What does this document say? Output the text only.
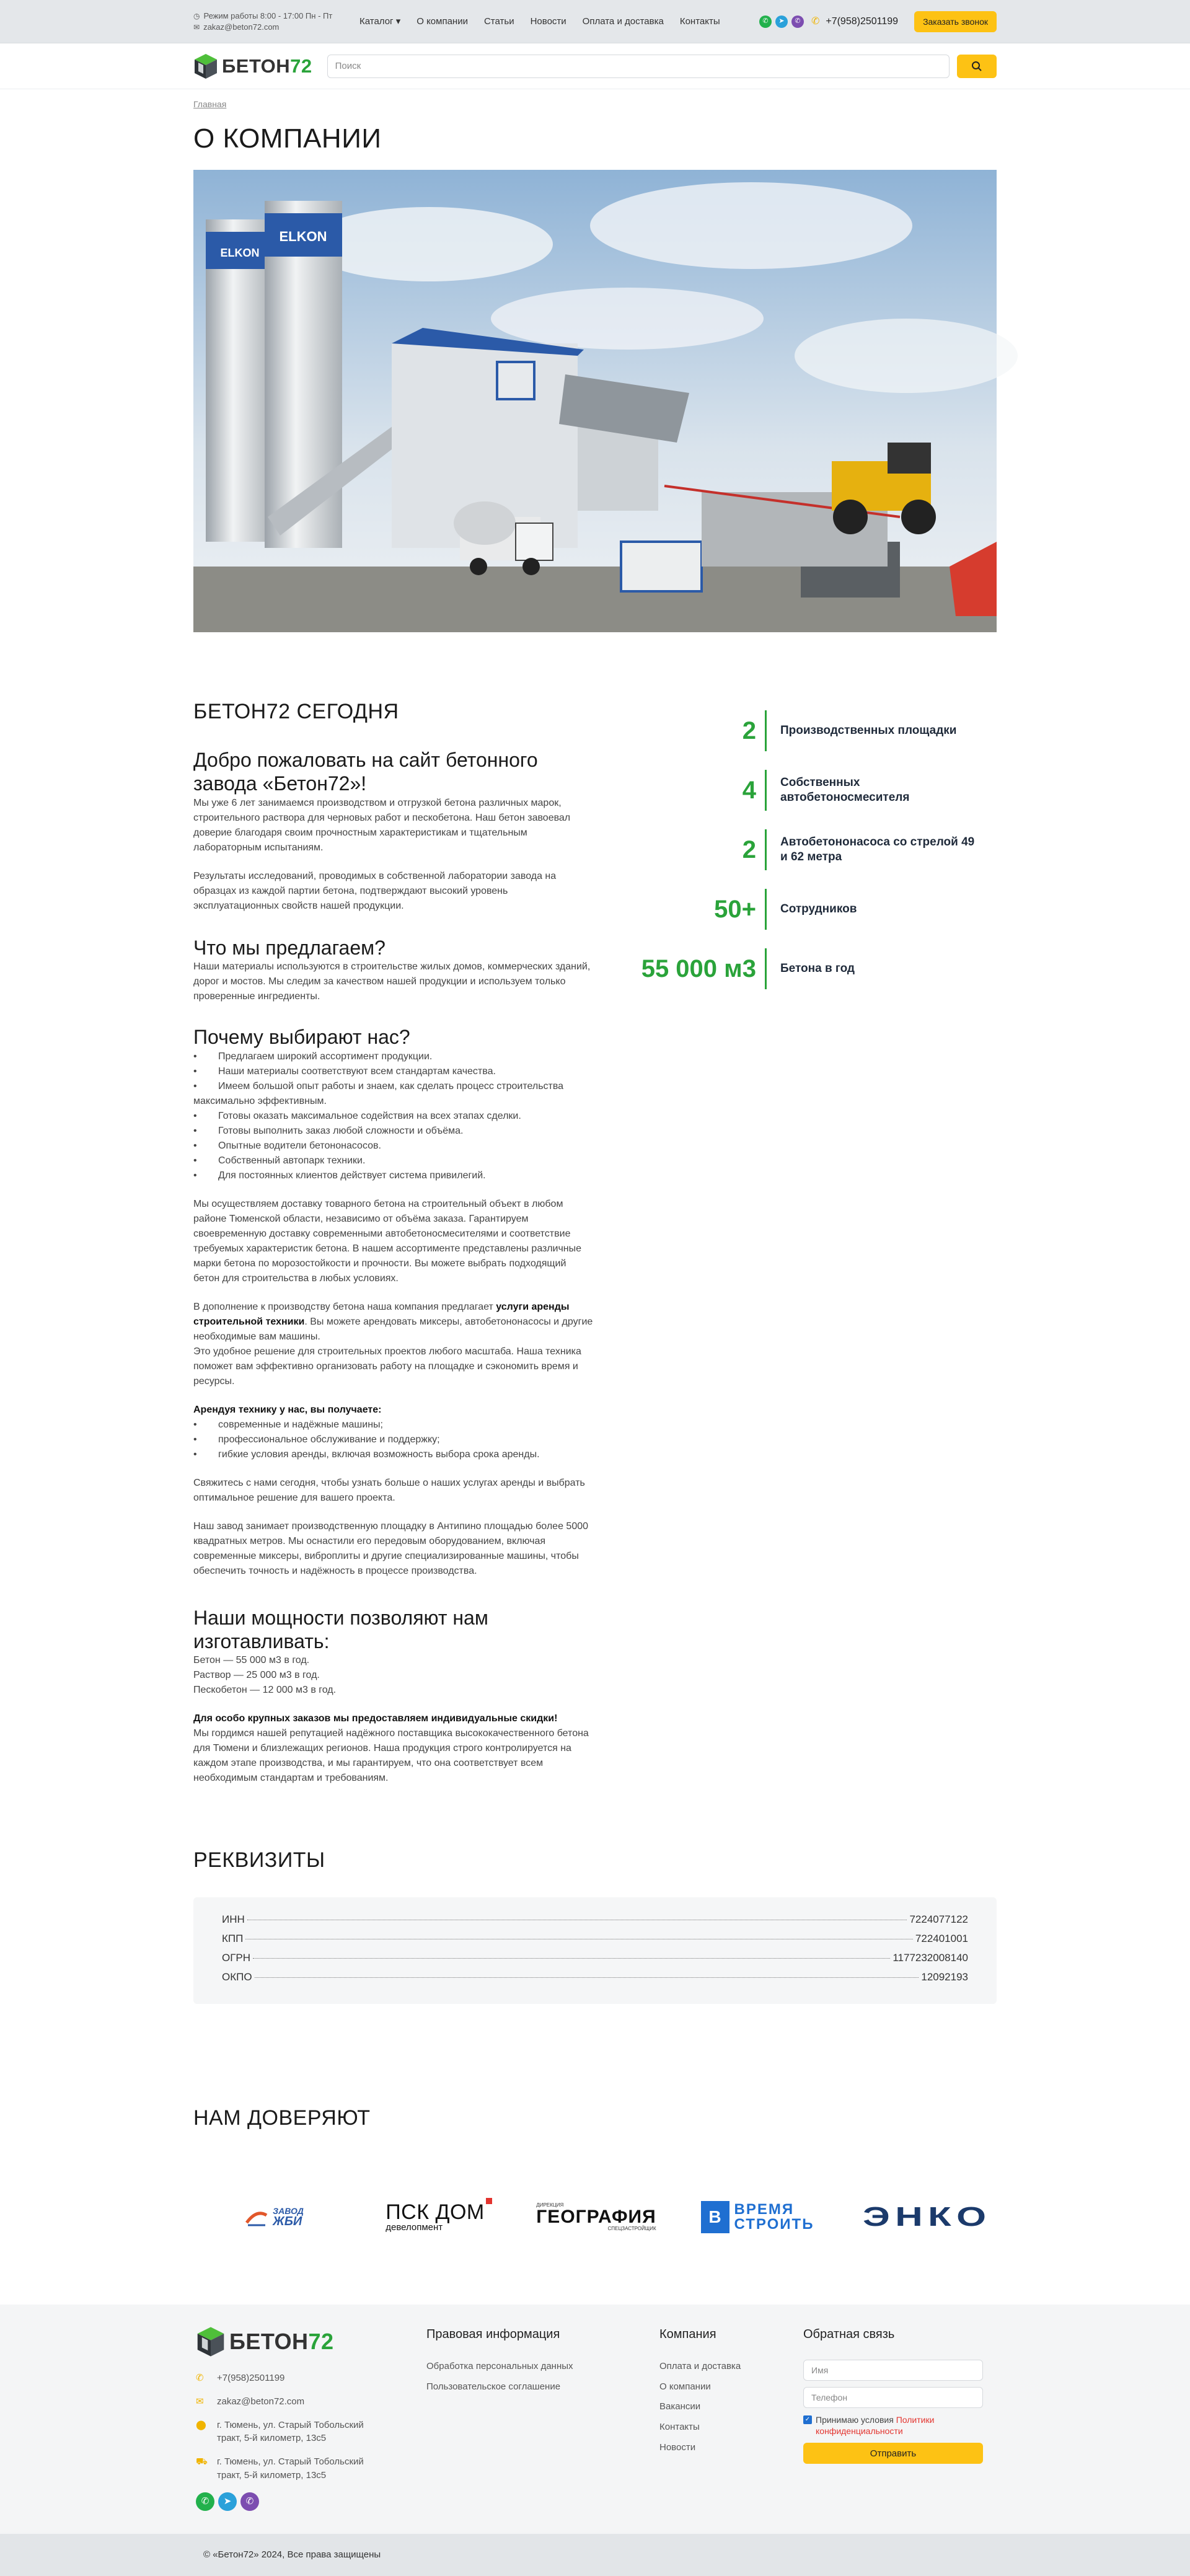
◷ Режим работы 8:00 - 17:00 Пн - Пт
✉ zakaz@beton72.com
Каталог ▾ О компании Статьи Новости Оплата и доставка Контакты	✆	➤	✆	✆ +7(958)2501199	Заказать звонок
БЕТОН72	Поиск
Главная
О КОМПАНИИ
ELKON
ELKON
БЕТОН72 СЕГОДНЯ
Добро пожаловать на сайт бетонного завода «Бетон72»!

Мы уже 6 лет занимаемся производством и отгрузкой бетона различных марок, строительного раствора для черновых работ и пескобетона. Наш бетон завоевал доверие благодаря своим прочностным характеристикам и тщательным лабораторным испытаниям.

Результаты исследований, проводимых в собственной лаборатории завода на образцах из каждой партии бетона, подтверждают высокий уровень эксплуатационных свойств нашей продукции.

Что мы предлагаем?

Наши материалы используются в строительстве жилых домов, коммерческих зданий, дорог и мостов. Мы следим за качеством нашей продукции и используем только проверенные ингредиенты.

Почему выбирают нас?
• Предлагаем широкий ассортимент продукции.
• Наши материалы соответствуют всем стандартам качества.
• Имеем большой опыт работы и знаем, как сделать процесс строительства максимально эффективным.
• Готовы оказать максимальное содействия на всех этапах сделки.
• Готовы выполнить заказ любой сложности и объёма.
• Опытные водители бетононасосов.
• Собственный автопарк техники.
• Для постоянных клиентов действует система привилегий.

Мы осуществляем доставку товарного бетона на строительный объект в любом районе Тюменской области, независимо от объёма заказа. Гарантируем своевременную доставку современными автобетоносмесителями и соответствие требуемых характеристик бетона. В нашем ассортименте представлены различные марки бетона по морозостойкости и прочности. Вы можете выбрать подходящий бетон для строительства в любых условиях.

В дополнение к производству бетона наша компания предлагает услуги аренды строительной техники. Вы можете арендовать миксеры, автобетононасосы и другие необходимые вам машины.

Это удобное решение для строительных проектов любого масштаба. Наша техника поможет вам эффективно организовать работу на площадке и сэкономить время и ресурсы.

Арендуя технику у нас, вы получаете:

• современные и надёжные машины;
• профессиональное обслуживание и поддержку;
• гибкие условия аренды, включая возможность выбора срока аренды.

Свяжитесь с нами сегодня, чтобы узнать больше о наших услугах аренды и выбрать оптимальное решение для вашего проекта.

Наш завод занимает производственную площадку в Антипино площадью более 5000 квадратных метров. Мы оснастили его передовым оборудованием, включая современные миксеры, виброплиты и другие специализированные машины, чтобы обеспечить точность и надёжность в процессе производства.

Наши мощности позволяют нам изготавливать:

Бетон — 55 000 м3 в год.

Раствор — 25 000 м3 в год.

Пескобетон — 12 000 м3 в год.

Для особо крупных заказов мы предоставляем индивидуальные скидки!

Мы гордимся нашей репутацией надёжного поставщика высококачественного бетона для Тюмени и близлежащих регионов. Наша продукция строго контролируется на каждом этапе производства, и мы гарантируем, что она соответствует всем необходимым стандартам и требованиям.

2	Производственных площадки
4	Собственных автобетоносмесителя
2	Автобетононасоса со стрелой 49 и 62 метра
50+	Сотрудников
55 000 м3	Бетона в год
РЕКВИЗИТЫ
ИНН	7224077122
КПП	722401001
ОГРН	1177232008140
ОКПО	12092193
НАМ ДОВЕРЯЮТ
ЗАВОД
ЖБИ	ПСК ДОМ
девелопмент
ДИРЕКЦИЯ
ГЕОГРАФИЯ
СПЕЦЗАСТРОЙЩИК
B ВРЕМЯ
СТРОИТЬ ЭНКО
БЕТОН72
✆	+7(958)2501199
✉	zakaz@beton72.com
⬤	г. Тюмень, ул. Старый Тобольский тракт, 5-й километр, 13с5
⛟ г. Тюмень, ул. Старый Тобольский тракт, 5-й километр, 13с5
✆	➤	✆
Правовая информация
Обработка персональных данных
Пользовательское соглашение
Компания
Оплата и доставка
О компании
Вакансии
Контакты
Новости
Обратная связь
Имя
Телефон
✓ Принимаю условия Политики конфиденциальности
Отправить
© «Бетон72» 2024, Все права защищены
